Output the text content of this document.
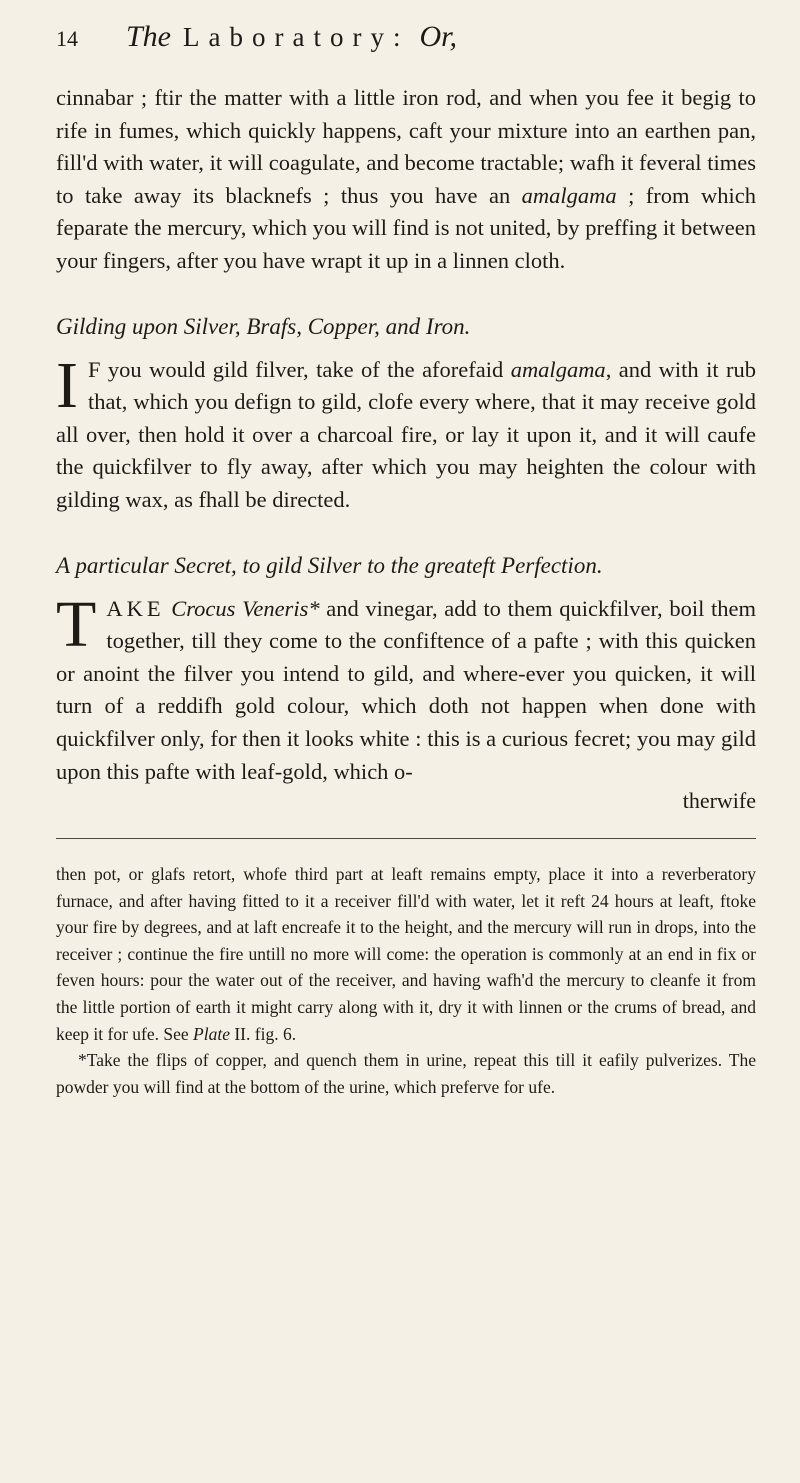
14 The Laboratory: Or,

cinnabar ; ftir the matter with a little iron rod, and when you fee it begig to rife in fumes, which quickly happens, caft your mixture into an earthen pan, fill'd with water, it will coagulate, and become tractable; wafh it feveral times to take away its blacknefs ; thus you have an amalgama ; from which feparate the mercury, which you will find is not united, by preffing it between your fingers, after you have wrapt it up in a linnen cloth.

Gilding upon Silver, Brafs, Copper, and Iron.

I F you would gild filver, take of the aforefaid amalgama, and with it rub that, which you defign to gild, clofe every where, that it may receive gold all over, then hold it over a charcoal fire, or lay it upon it, and it will caufe the quickfilver to fly away, after which you may heighten the colour with gilding wax, as fhall be directed.

A particular Secret, to gild Silver to the greateft Perfection.

TAKE Crocus Veneris* and vinegar, add to them quickfilver, boil them together, till they come to the confiftence of a pafte ; with this quicken or anoint the filver you intend to gild, and where-ever you quicken, it will turn of a reddifh gold colour, which doth not happen when done with quickfilver only, for then it looks white : this is a curious fecret; you may gild upon this pafte with leaf-gold, which o-

therwife

then pot, or glafs retort, whofe third part at leaft remains empty, place it into a reverberatory furnace, and after having fitted to it a receiver fill'd with water, let it reft 24 hours at leaft, ftoke your fire by degrees, and at laft encreafe it to the height, and the mercury will run in drops, into the receiver ; continue the fire untill no more will come: the operation is commonly at an end in fix or feven hours: pour the water out of the receiver, and having wafh'd the mercury to cleanfe it from the little portion of earth it might carry along with it, dry it with linnen or the crums of bread, and keep it for ufe. See Plate II. fig. 6.

*Take the flips of copper, and quench them in urine, repeat this till it eafily pulverizes. The powder you will find at the bottom of the urine, which preferve for ufe.
